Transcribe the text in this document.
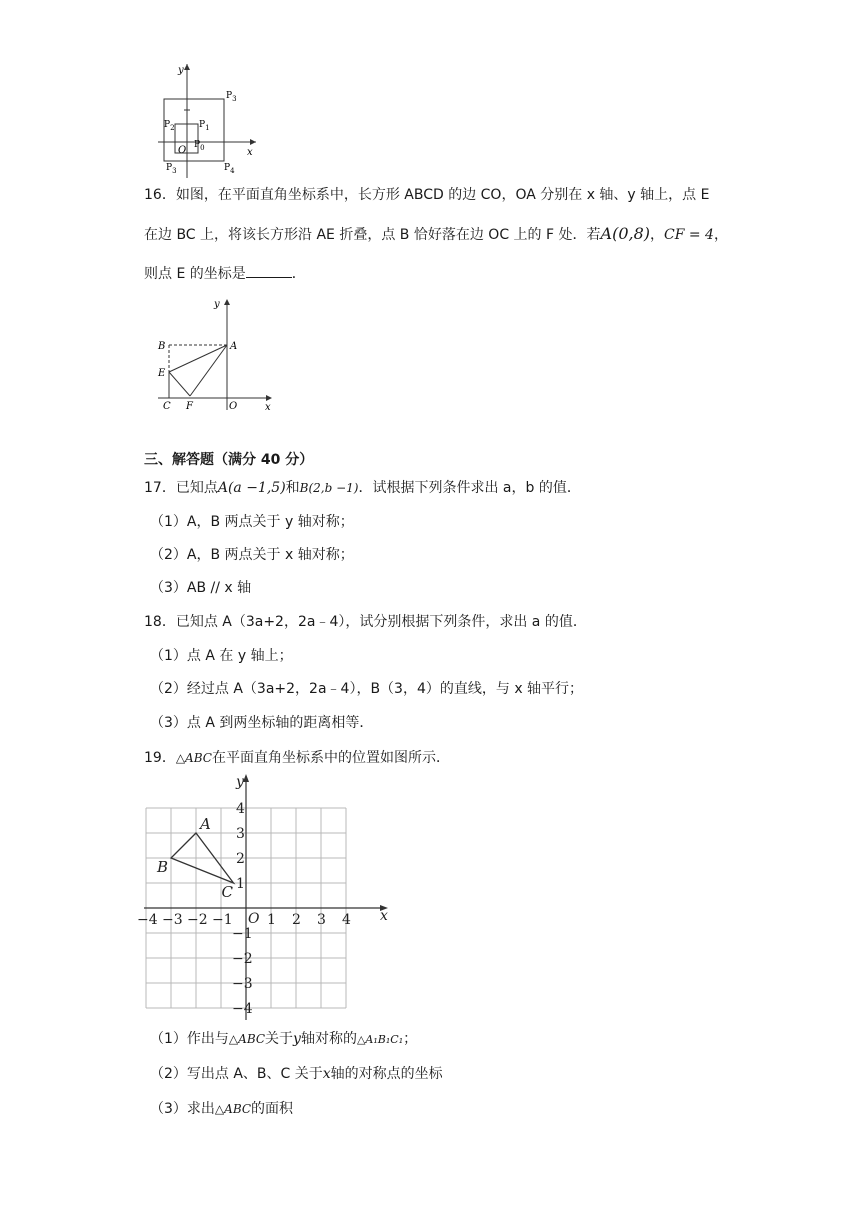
y
x
O
$P_3$
$P_1$
$P_2$
$P_0$
$P_3$	$P_4$
16．如图，在平面直角坐标系中，长方形 ABCD 的边 CO，OA 分别在 x 轴、y 轴上，点 E
在边 BC 上，将该长方形沿 AE 折叠，点 B 恰好落在边 OC 上的 F 处．若A(0,8)，CF = 4，
则点 E 的坐标是	．
B	A
E
C F	O	x
y
三、解答题（满分 40 分）
17．已知点A(a −1,5)和B(2,b −1)．试根据下列条件求出 a，b 的值．
（1）A，B 两点关于 y 轴对称；
（2）A，B 两点关于 x 轴对称；
（3）AB // x 轴
18．已知点 A（3a+2，2a﹣4），试分别根据下列条件，求出 a 的值．
（1）点 A 在 y 轴上；
（2）经过点 A（3a+2，2a﹣4），B（3，4）的直线，与 x 轴平行；
（3）点 A 到两坐标轴的距离相等．
19．△ABC在平面直角坐标系中的位置如图所示．
x
y
O
−4 −3 −2 −1 1 2 3 4
4
3
2
1
−1
−2
−3
−4
A
B
C
（1）作出与△ABC关于y轴对称的△A₁B₁C₁；
（2）写出点 A、B、C 关于x轴的对称点的坐标
（3）求出△ABC的面积
